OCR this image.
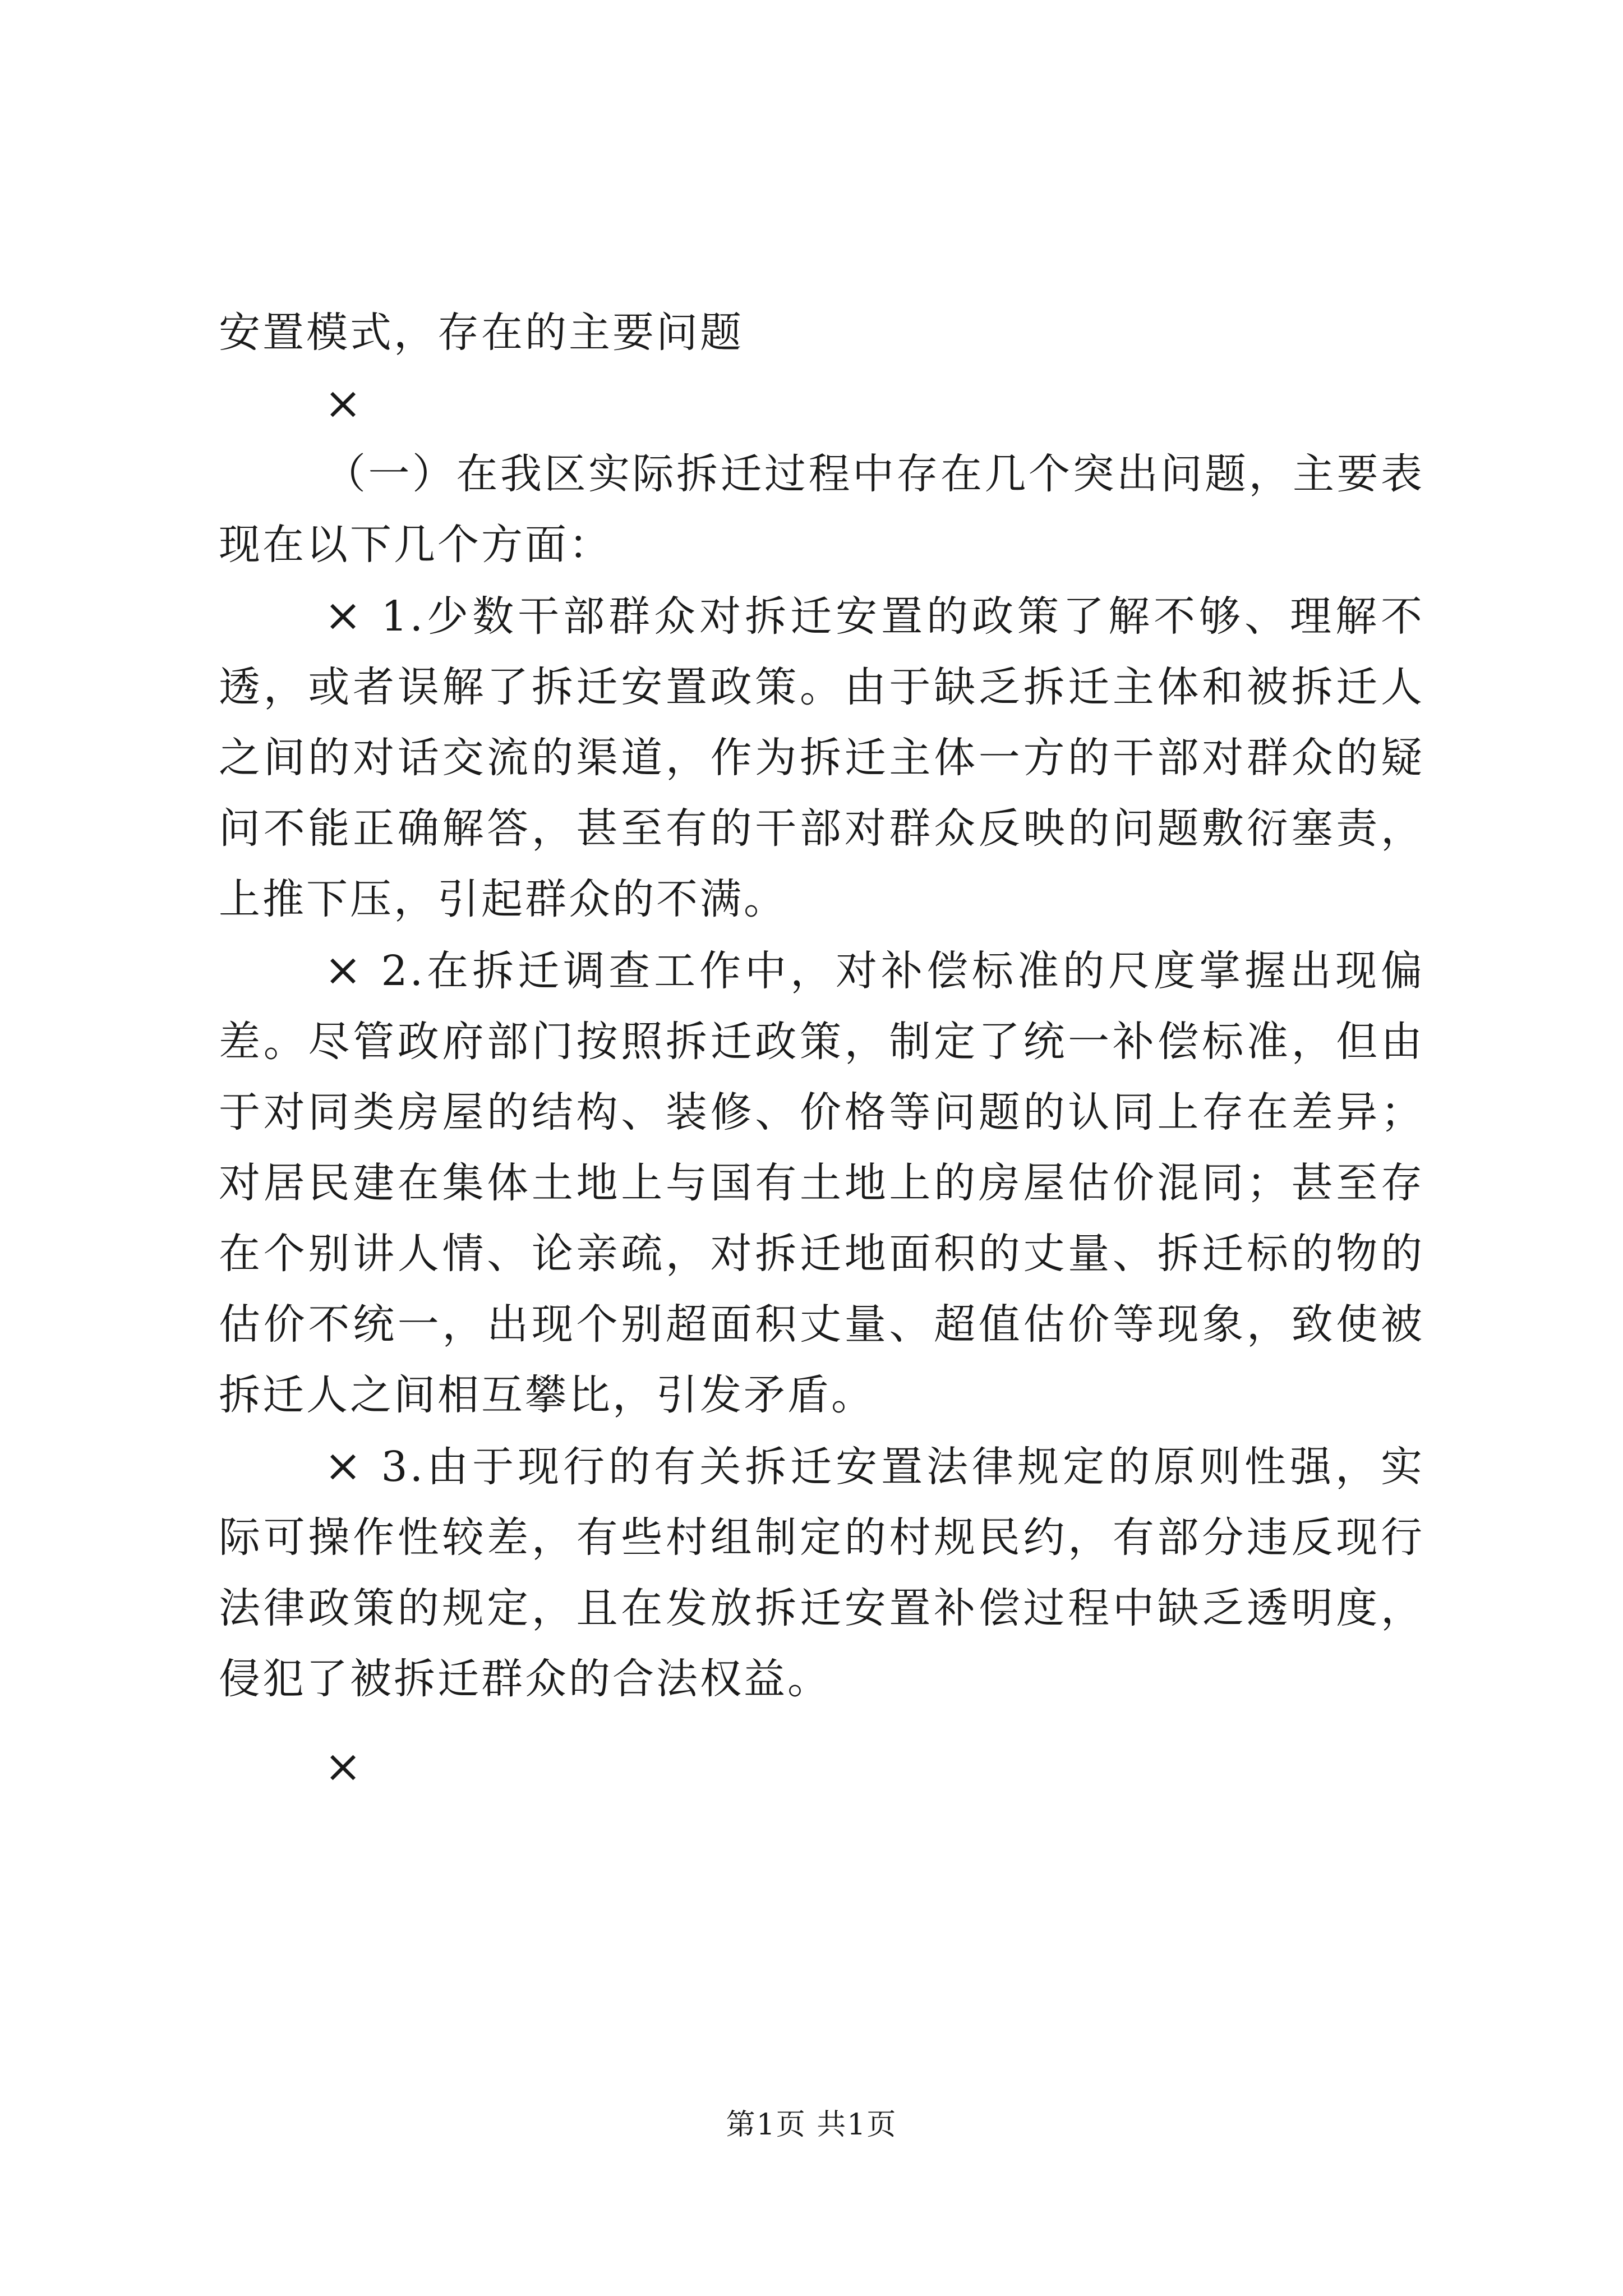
安置模式，存在的主要问题
×

（一）在我区实际拆迁过程中存在几个突出问题，主要表现在以下几个方面：

× 1.少数干部群众对拆迁安置的政策了解不够、理解不透，或者误解了拆迁安置政策。由于缺乏拆迁主体和被拆迁人之间的对话交流的渠道，作为拆迁主体一方的干部对群众的疑问不能正确解答，甚至有的干部对群众反映的问题敷衍塞责，上推下压，引起群众的不满。

× 2.在拆迁调查工作中，对补偿标准的尺度掌握出现偏差。尽管政府部门按照拆迁政策，制定了统一补偿标准，但由于对同类房屋的结构、装修、价格等问题的认同上存在差异；对居民建在集体土地上与国有土地上的房屋估价混同；甚至存在个别讲人情、论亲疏，对拆迁地面积的丈量、拆迁标的物的估价不统一，出现个别超面积丈量、超值估价等现象，致使被拆迁人之间相互攀比，引发矛盾。

× 3.由于现行的有关拆迁安置法律规定的原则性强，实际可操作性较差，有些村组制定的村规民约，有部分违反现行法律政策的规定，且在发放拆迁安置补偿过程中缺乏透明度，侵犯了被拆迁群众的合法权益。

×
第1页 共1页
